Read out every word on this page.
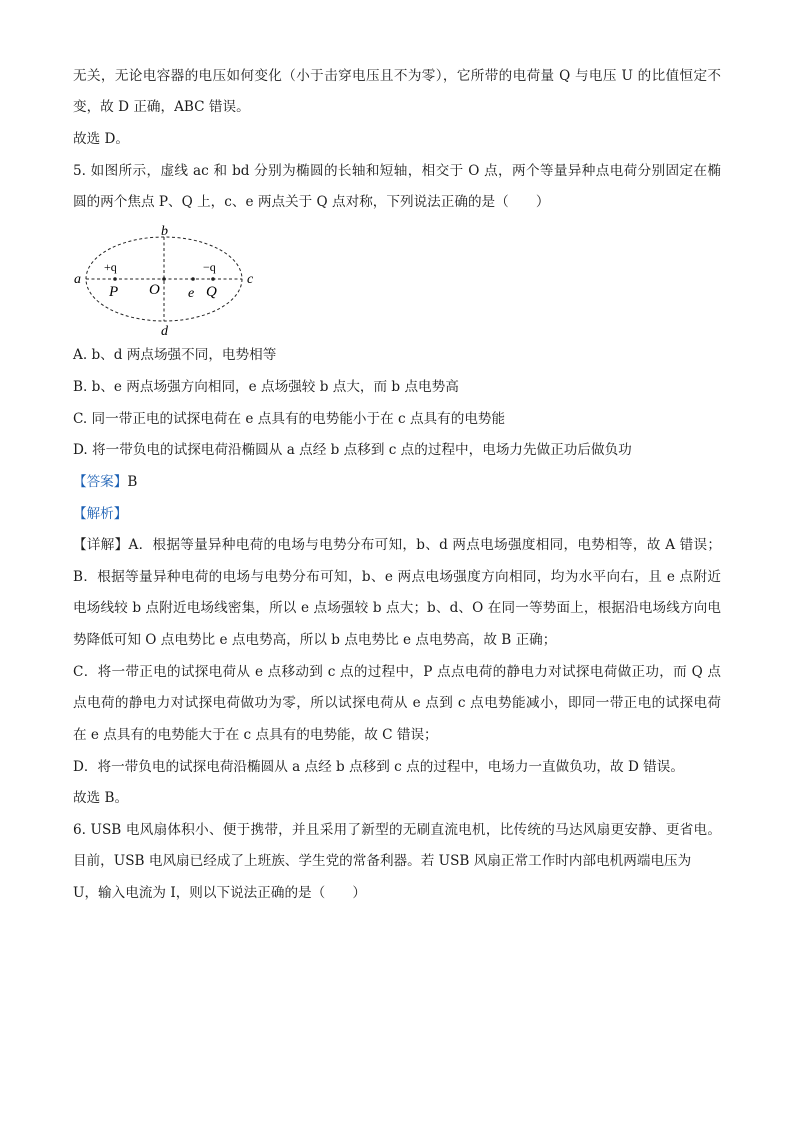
无关，无论电容器的电压如何变化（小于击穿电压且不为零），它所带的电荷量 Q 与电压 U 的比值恒定不
变，故 D 正确，ABC 错误。
故选 D。
5. 如图所示，虚线 ac 和 bd 分别为椭圆的长轴和短轴，相交于 O 点，两个等量异种点电荷分别固定在椭
圆的两个焦点 P、Q 上，c、e 两点关于 Q 点对称，下列说法正确的是（　　）
a
b
c
d
+q	−q
P O e Q
A. b、d 两点场强不同，电势相等
B. b、e 两点场强方向相同，e 点场强较 b 点大，而 b 点电势高
C. 同一带正电的试探电荷在 e 点具有的电势能小于在 c 点具有的电势能
D. 将一带负电的试探电荷沿椭圆从 a 点经 b 点移到 c 点的过程中，电场力先做正功后做负功
【答案】B
【解析】
【详解】A．根据等量异种电荷的电场与电势分布可知，b、d 两点电场强度相同，电势相等，故 A 错误；
B．根据等量异种电荷的电场与电势分布可知，b、e 两点电场强度方向相同，均为水平向右，且 e 点附近
电场线较 b 点附近电场线密集，所以 e 点场强较 b 点大；b、d、O 在同一等势面上，根据沿电场线方向电
势降低可知 O 点电势比 e 点电势高，所以 b 点电势比 e 点电势高，故 B 正确；
C．将一带正电的试探电荷从 e 点移动到 c 点的过程中，P 点点电荷的静电力对试探电荷做正功，而 Q 点
点电荷的静电力对试探电荷做功为零，所以试探电荷从 e 点到 c 点电势能减小，即同一带正电的试探电荷
在 e 点具有的电势能大于在 c 点具有的电势能，故 C 错误；
D．将一带负电的试探电荷沿椭圆从 a 点经 b 点移到 c 点的过程中，电场力一直做负功，故 D 错误。
故选 B。
6. USB 电风扇体积小、便于携带，并且采用了新型的无刷直流电机，比传统的马达风扇更安静、更省电。
目前，USB 电风扇已经成了上班族、学生党的常备利器。若 USB 风扇正常工作时内部电机两端电压为
U，输入电流为 I，则以下说法正确的是（　　）
